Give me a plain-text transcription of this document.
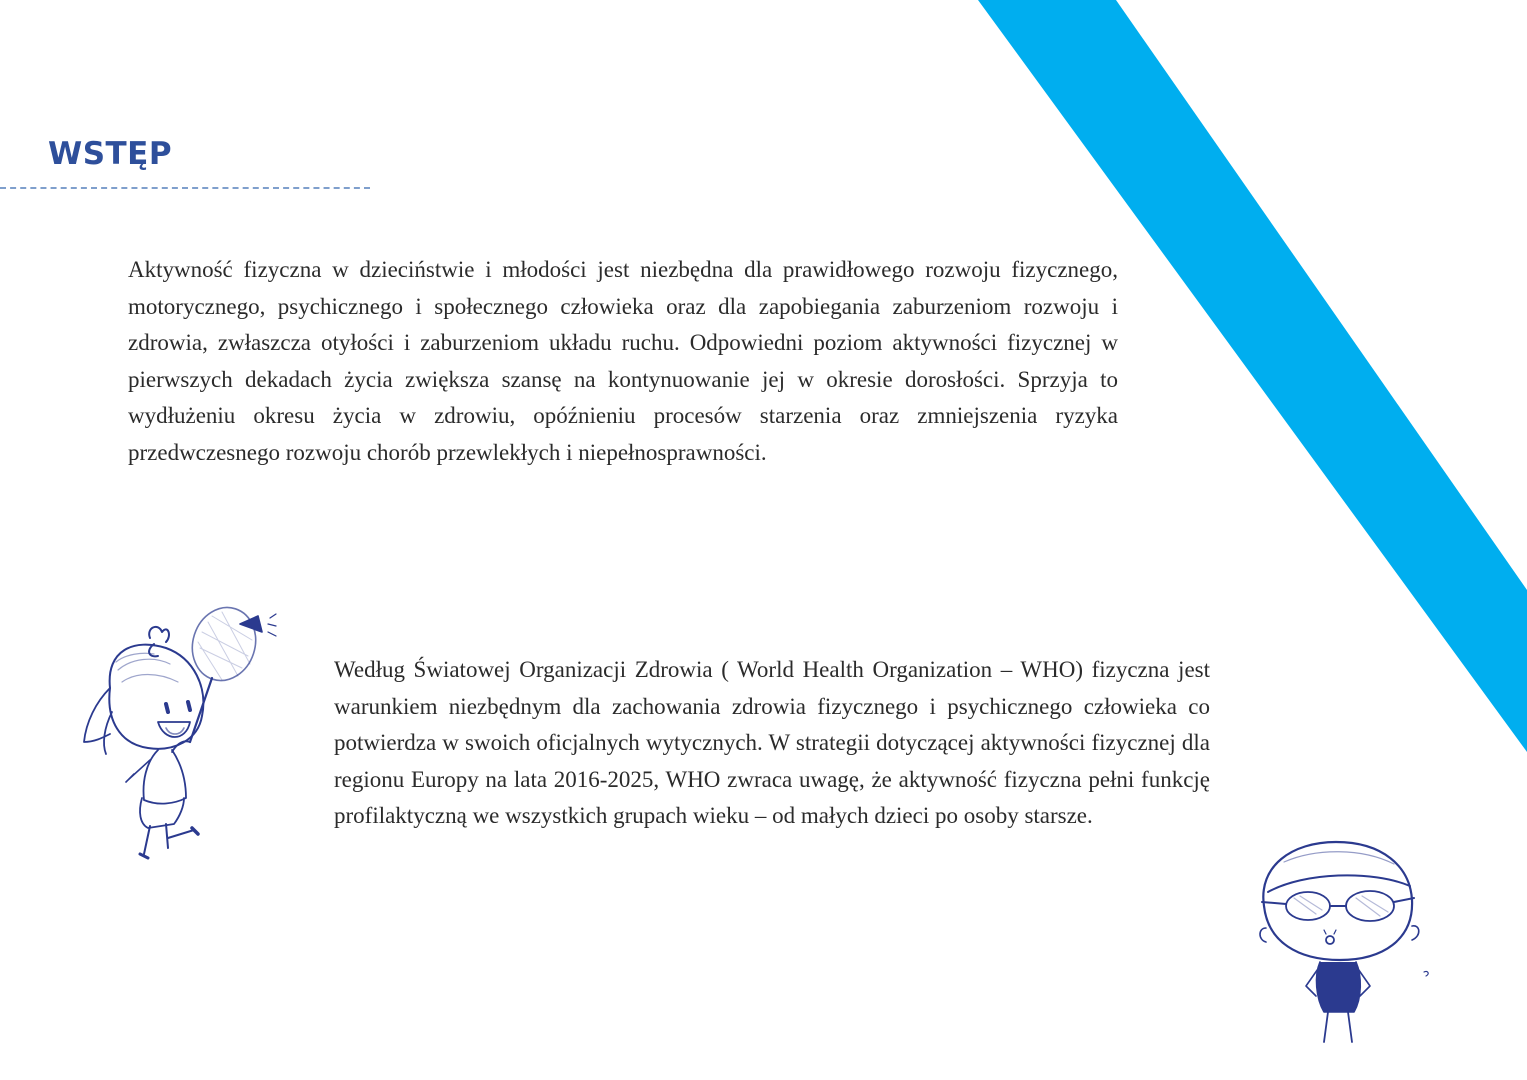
WSTĘP

Aktywność fizyczna w dzieciństwie i młodości jest niezbędna dla prawidłowego rozwoju fizycznego, motorycznego, psychicznego i społecznego człowieka oraz dla zapobiegania zaburzeniom rozwoju i zdrowia, zwłaszcza otyłości i zaburzeniom układu ruchu. Odpowiedni poziom aktywności fizycznej w pierwszych dekadach życia zwiększa szansę na kontynuowanie jej w okresie dorosłości. Sprzyja to wydłużeniu okresu życia w zdrowiu, opóźnieniu procesów starzenia oraz zmniejszenia ryzyka przedwczesnego rozwoju chorób przewlekłych i niepełnosprawności.

Według Światowej Organizacji Zdrowia ( World Health Organization – WHO) fizyczna jest warunkiem niezbędnym dla zachowania zdrowia fizycznego i psychicznego człowieka co potwierdza w swoich oficjalnych wytycznych. W strategii dotyczącej aktywności fizycznej dla regionu Europy na lata 2016-2025, WHO zwraca uwagę, że aktywność fizyczna pełni funkcję profilaktyczną we wszystkich grupach wieku – od małych dzieci po osoby starsze.
